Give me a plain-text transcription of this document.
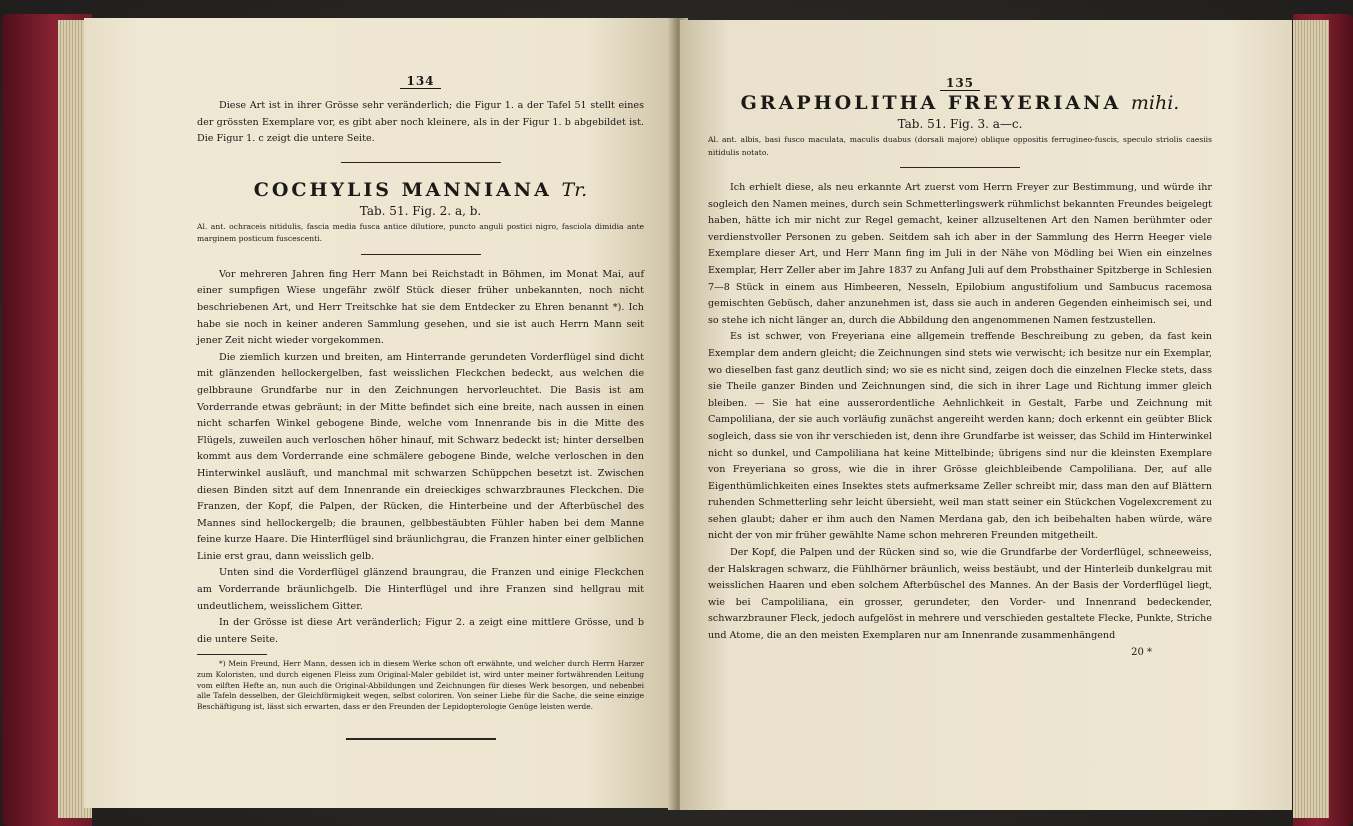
134

Diese Art ist in ihrer Grösse sehr veränderlich; die Figur 1. a der Tafel 51 stellt eines der grössten Exemplare vor, es gibt aber noch kleinere, als in der Figur 1. b abgebildet ist. Die Figur 1. c zeigt die untere Seite.

COCHYLIS MANNIANA Tr.
Tab. 51. Fig. 2. a, b.

Al. ant. ochraceis nitidulis, fascia media fusca antice dilutiore, puncto anguli postici nigro, fasciola dimidia ante marginem posticum fuscescenti.

Vor mehreren Jahren fing Herr Mann bei Reichstadt in Böhmen, im Monat Mai, auf einer sumpfigen Wiese ungefähr zwölf Stück dieser früher unbekannten, noch nicht beschriebenen Art, und Herr Treitschke hat sie dem Entdecker zu Ehren benannt *). Ich habe sie noch in keiner anderen Sammlung gesehen, und sie ist auch Herrn Mann seit jener Zeit nicht wieder vorgekommen.

Die ziemlich kurzen und breiten, am Hinterrande gerundeten Vorderflügel sind dicht mit glänzenden hellockergelben, fast weisslichen Fleckchen bedeckt, aus welchen die gelbbraune Grundfarbe nur in den Zeichnungen hervorleuchtet. Die Basis ist am Vorderrande etwas gebräunt; in der Mitte befindet sich eine breite, nach aussen in einen nicht scharfen Winkel gebogene Binde, welche vom Innenrande bis in die Mitte des Flügels, zuweilen auch verloschen höher hinauf, mit Schwarz bedeckt ist; hinter derselben kommt aus dem Vorderrande eine schmälere gebogene Binde, welche verloschen in den Hinterwinkel ausläuft, und manchmal mit schwarzen Schüppchen besetzt ist. Zwischen diesen Binden sitzt auf dem Innenrande ein dreieckiges schwarzbraunes Fleckchen. Die Franzen, der Kopf, die Palpen, der Rücken, die Hinterbeine und der Afterbüschel des Mannes sind hellockergelb; die braunen, gelbbestäubten Fühler haben bei dem Manne feine kurze Haare. Die Hinterflügel sind bräunlichgrau, die Franzen hinter einer gelblichen Linie erst grau, dann weisslich gelb.

Unten sind die Vorderflügel glänzend braungrau, die Franzen und einige Fleckchen am Vorderrande bräunlichgelb. Die Hinterflügel und ihre Franzen sind hellgrau mit undeutlichem, weisslichem Gitter.

In der Grösse ist diese Art veränderlich; Figur 2. a zeigt eine mittlere Grösse, und b die untere Seite.

*) Mein Freund, Herr Mann, dessen ich in diesem Werke schon oft erwähnte, und welcher durch Herrn Harzer zum Koloristen, und durch eigenen Fleiss zum Original-Maler gebildet ist, wird unter meiner fortwährenden Leitung vom eilften Hefte an, nun auch die Original-Abbildungen und Zeichnungen für dieses Werk besorgen, und nebenbei alle Tafeln desselben, der Gleichförmigkeit wegen, selbst coloriren. Von seiner Liebe für die Sache, die seine einzige Beschäftigung ist, lässt sich erwarten, dass er den Freunden der Lepidopterologie Genüge leisten werde.

135
GRAPHOLITHA FREYERIANA mihi.
Tab. 51. Fig. 3. a—c.

Al. ant. albis, basi fusco maculata, maculis duabus (dorsali majore) oblique oppositis ferrugineo-fuscis, speculo striolis caesiis nitidulis notato.

Ich erhielt diese, als neu erkannte Art zuerst vom Herrn Freyer zur Bestimmung, und würde ihr sogleich den Namen meines, durch sein Schmetterlingswerk rühmlichst bekannten Freundes beigelegt haben, hätte ich mir nicht zur Regel gemacht, keiner allzuseltenen Art den Namen berühmter oder verdienstvoller Personen zu geben. Seitdem sah ich aber in der Sammlung des Herrn Heeger viele Exemplare dieser Art, und Herr Mann fing im Juli in der Nähe von Mödling bei Wien ein einzelnes Exemplar, Herr Zeller aber im Jahre 1837 zu Anfang Juli auf dem Probsthainer Spitzberge in Schlesien 7—8 Stück in einem aus Himbeeren, Nesseln, Epilobium angustifolium und Sambucus racemosa gemischten Gebüsch, daher anzunehmen ist, dass sie auch in anderen Gegenden einheimisch sei, und so stehe ich nicht länger an, durch die Abbildung den angenommenen Namen festzustellen.

Es ist schwer, von Freyeriana eine allgemein treffende Beschreibung zu geben, da fast kein Exemplar dem andern gleicht; die Zeichnungen sind stets wie verwischt; ich besitze nur ein Exemplar, wo dieselben fast ganz deutlich sind; wo sie es nicht sind, zeigen doch die einzelnen Flecke stets, dass sie Theile ganzer Binden und Zeichnungen sind, die sich in ihrer Lage und Richtung immer gleich bleiben. — Sie hat eine ausserordentliche Aehnlichkeit in Gestalt, Farbe und Zeichnung mit Campoliliana, der sie auch vorläufig zunächst angereiht werden kann; doch erkennt ein geübter Blick sogleich, dass sie von ihr verschieden ist, denn ihre Grundfarbe ist weisser, das Schild im Hinterwinkel nicht so dunkel, und Campoliliana hat keine Mittelbinde; übrigens sind nur die kleinsten Exemplare von Freyeriana so gross, wie die in ihrer Grösse gleichbleibende Campoliliana. Der, auf alle Eigenthümlichkeiten eines Insektes stets aufmerksame Zeller schreibt mir, dass man den auf Blättern ruhenden Schmetterling sehr leicht übersieht, weil man statt seiner ein Stückchen Vogelexcrement zu sehen glaubt; daher er ihm auch den Namen Merdana gab, den ich beibehalten haben würde, wäre nicht der von mir früher gewählte Name schon mehreren Freunden mitgetheilt.

Der Kopf, die Palpen und der Rücken sind so, wie die Grundfarbe der Vorderflügel, schneeweiss, der Halskragen schwarz, die Fühlhörner bräunlich, weiss bestäubt, und der Hinterleib dunkelgrau mit weisslichen Haaren und eben solchem Afterbüschel des Mannes. An der Basis der Vorderflügel liegt, wie bei Campoliliana, ein grosser, gerundeter, den Vorder- und Innenrand bedeckender, schwarzbrauner Fleck, jedoch aufgelöst in mehrere und verschieden gestaltete Flecke, Punkte, Striche und Atome, die an den meisten Exemplaren nur am Innenrande zusammenhängend

20 *
